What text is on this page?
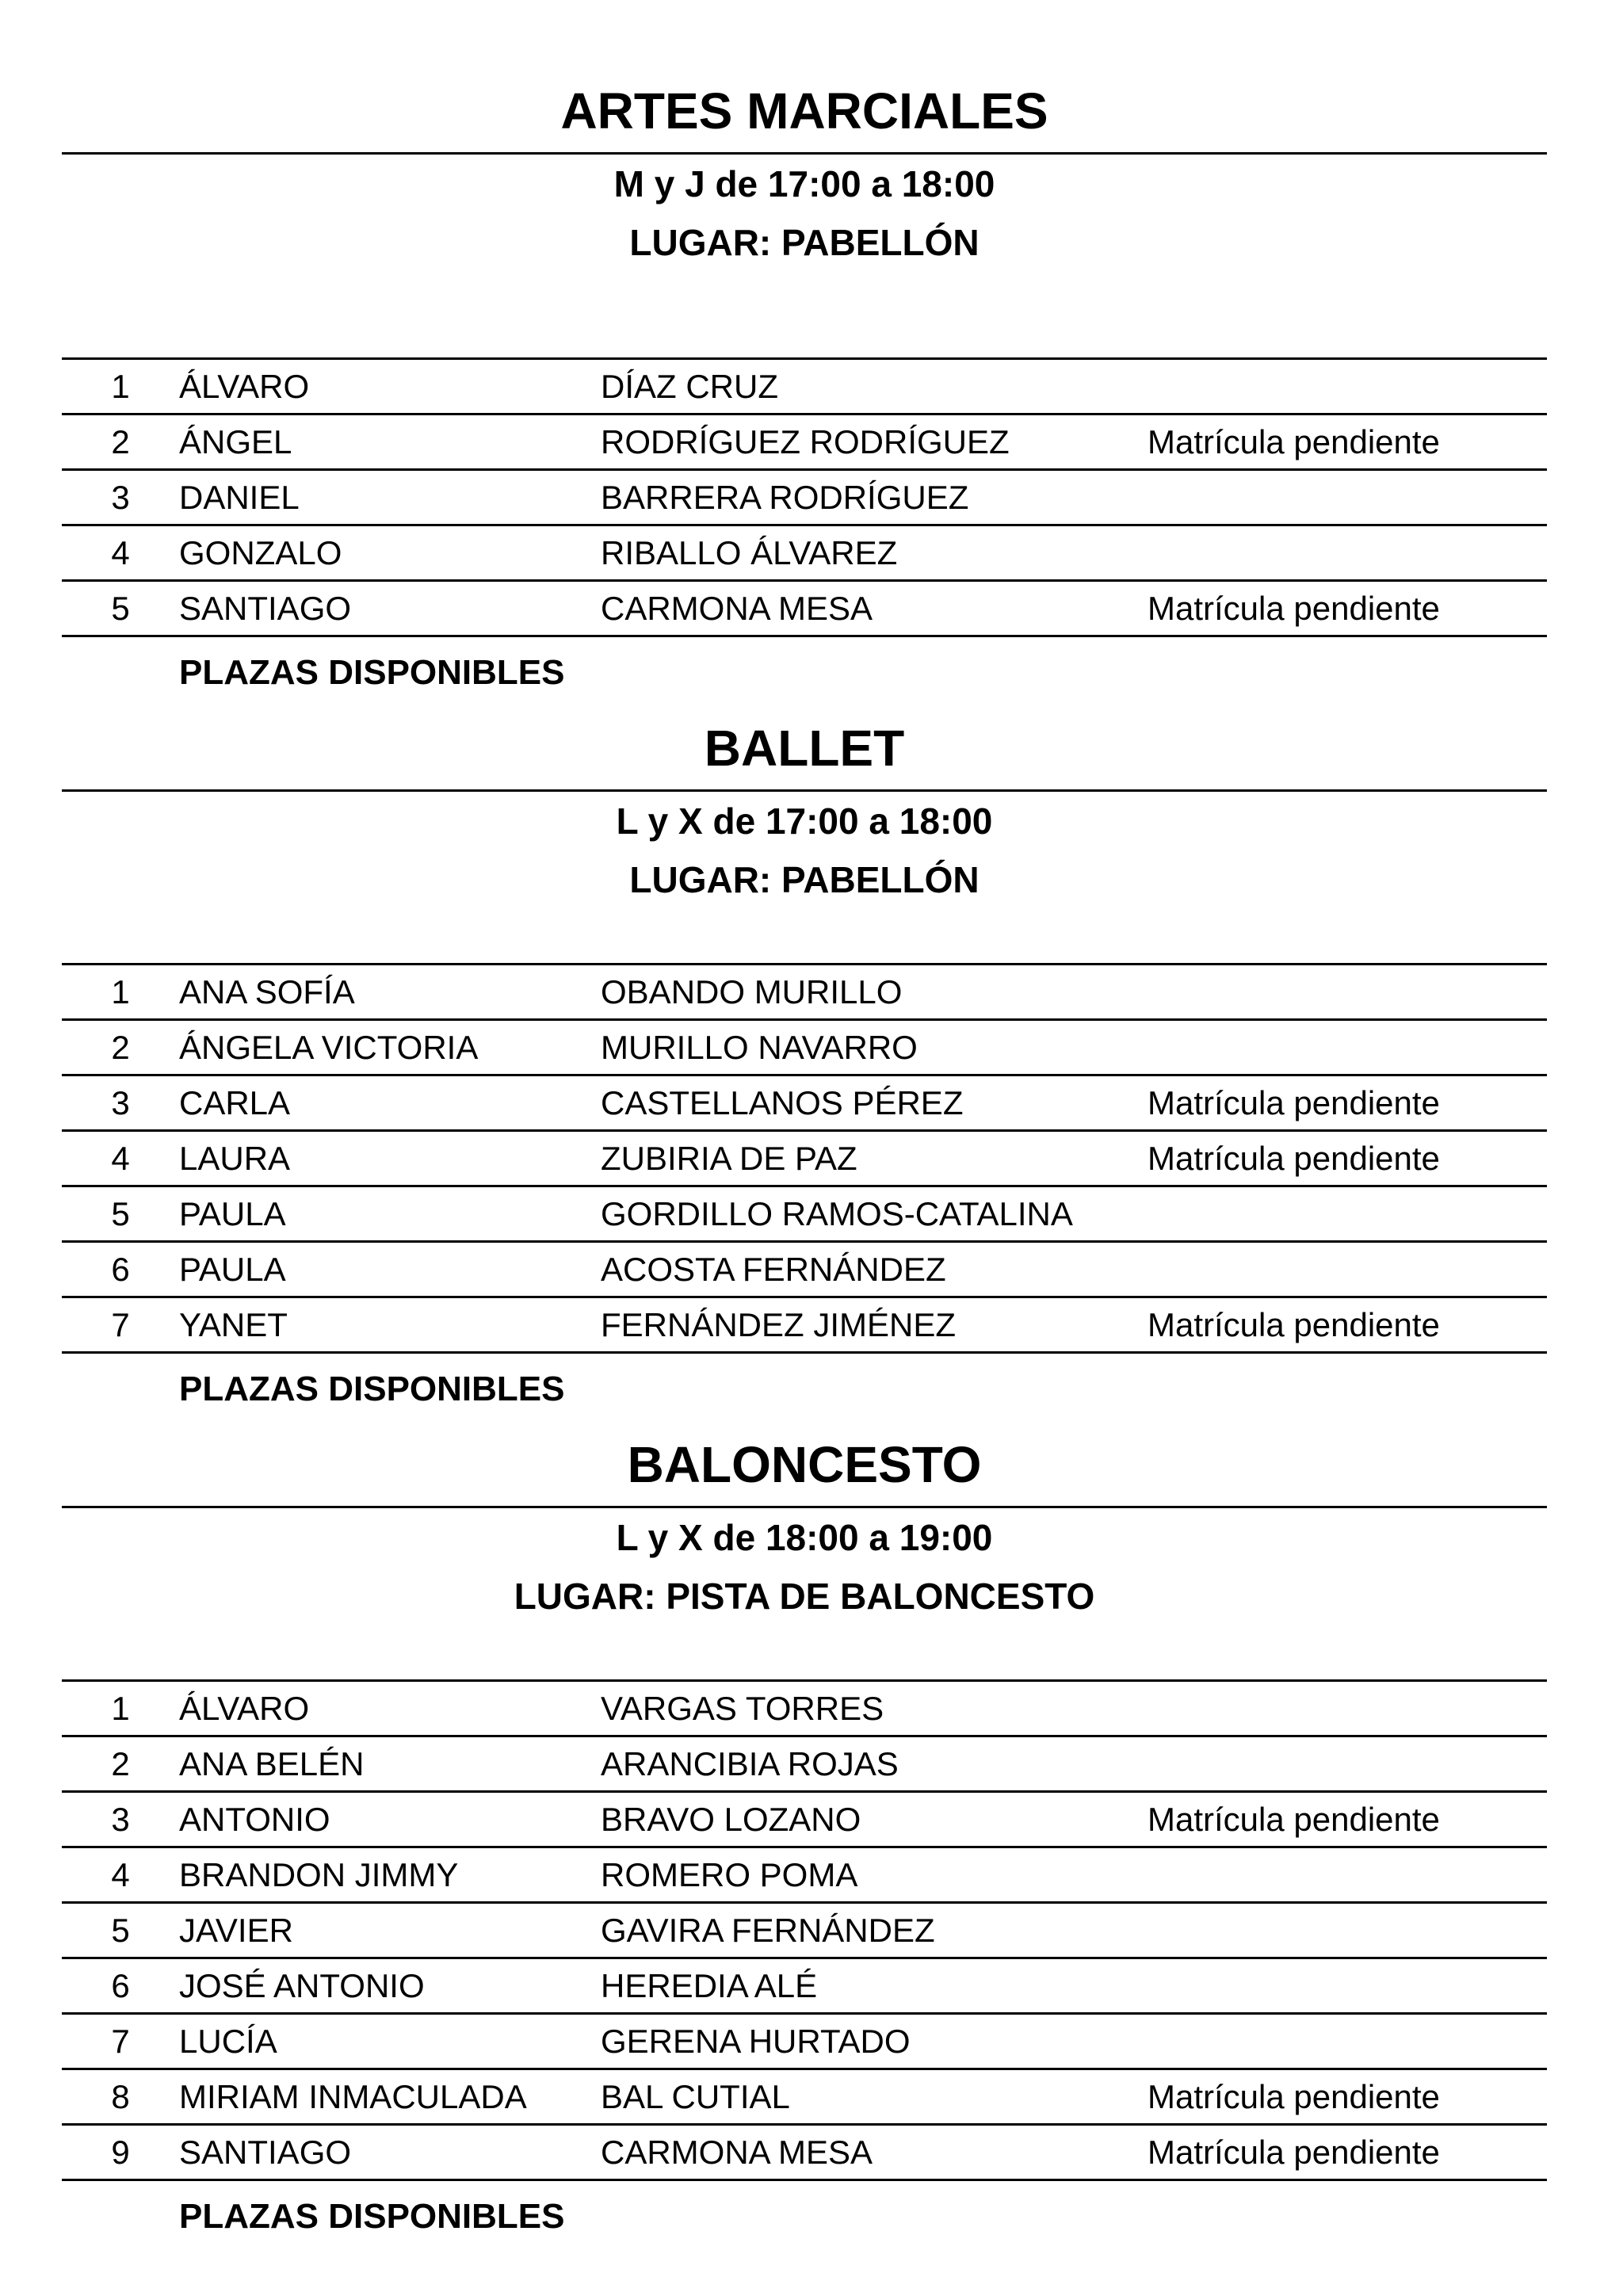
ARTES MARCIALES
M y J de 17:00 a 18:00
LUGAR: PABELLÓN
1	ÁLVARO	DÍAZ CRUZ
2	ÁNGEL	RODRÍGUEZ RODRÍGUEZ	Matrícula pendiente
3	DANIEL	BARRERA RODRÍGUEZ
4	GONZALO	RIBALLO ÁLVAREZ
5	SANTIAGO	CARMONA MESA	Matrícula pendiente
PLAZAS DISPONIBLES
BALLET
L y X de 17:00 a 18:00
LUGAR: PABELLÓN
1	ANA SOFÍA	OBANDO MURILLO
2	ÁNGELA VICTORIA	MURILLO NAVARRO
3	CARLA	CASTELLANOS PÉREZ	Matrícula pendiente
4	LAURA	ZUBIRIA DE PAZ	Matrícula pendiente
5	PAULA	GORDILLO RAMOS-CATALINA
6	PAULA	ACOSTA FERNÁNDEZ
7	YANET	FERNÁNDEZ JIMÉNEZ	Matrícula pendiente
PLAZAS DISPONIBLES
BALONCESTO
L y X de 18:00 a 19:00
LUGAR: PISTA DE BALONCESTO
1	ÁLVARO	VARGAS TORRES
2	ANA BELÉN	ARANCIBIA ROJAS
3	ANTONIO	BRAVO LOZANO	Matrícula pendiente
4	BRANDON JIMMY	ROMERO POMA
5	JAVIER	GAVIRA FERNÁNDEZ
6	JOSÉ ANTONIO	HEREDIA ALÉ
7	LUCÍA	GERENA HURTADO
8	MIRIAM INMACULADA	BAL CUTIAL	Matrícula pendiente
9	SANTIAGO	CARMONA MESA	Matrícula pendiente
PLAZAS DISPONIBLES
